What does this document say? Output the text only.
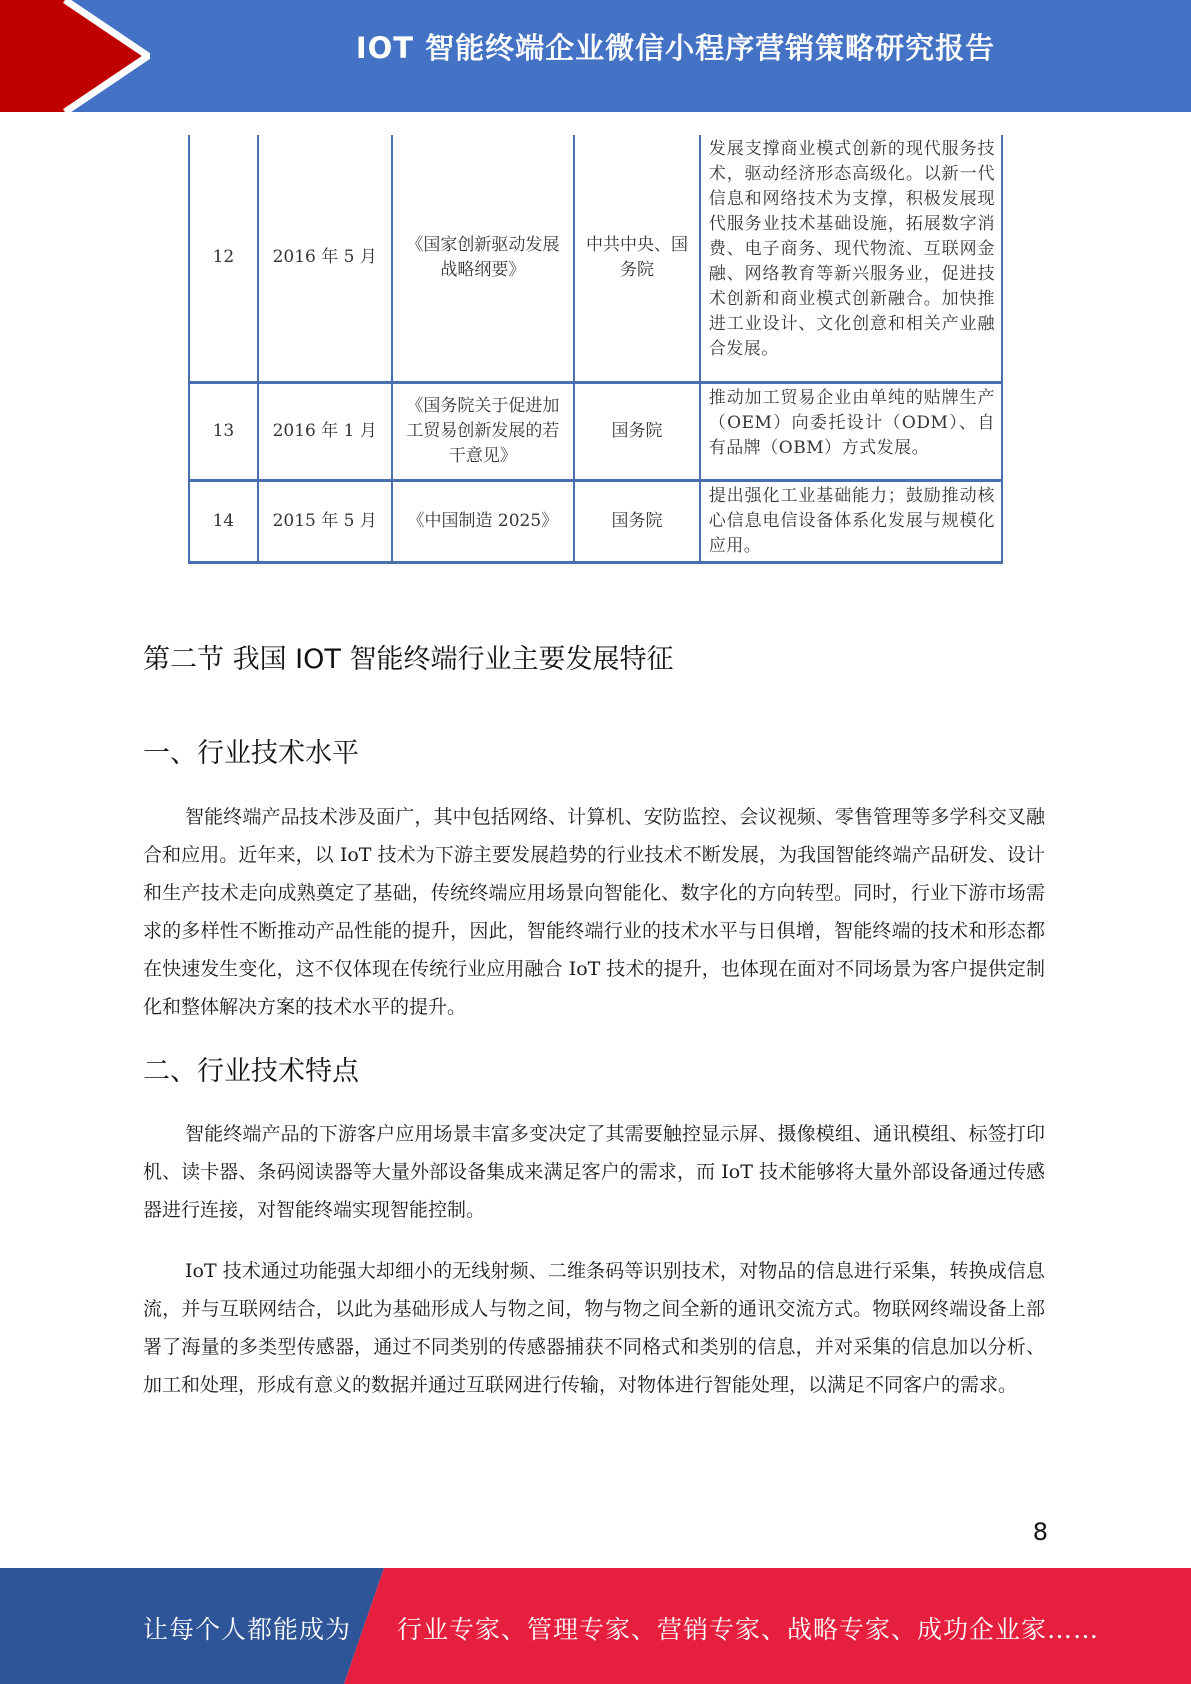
IOT 智能终端企业微信小程序营销策略研究报告
12	2016 年 5 月	《国家创新驱动发展战略纲要》	中共中央、国务院	发展支撑商业模式创新的现代服务技术，驱动经济形态高级化。以新一代信息和网络技术为支撑，积极发展现代服务业技术基础设施，拓展数字消费、电子商务、现代物流、互联网金融、网络教育等新兴服务业，促进技术创新和商业模式创新融合。加快推进工业设计、文化创意和相关产业融合发展。
13	2016 年 1 月	《国务院关于促进加工贸易创新发展的若干意见》	国务院	推动加工贸易企业由单纯的贴牌生产（OEM）向委托设计（ODM）、自有品牌（OBM）方式发展。
14	2015 年 5 月	《中国制造 2025》	国务院	提出强化工业基础能力；鼓励推动核心信息电信设备体系化发展与规模化应用。
第二节 我国 IOT 智能终端行业主要发展特征
一、行业技术水平

智能终端产品技术涉及面广，其中包括网络、计算机、安防监控、会议视频、零售管理等多学科交叉融合和应用。近年来，以 IoT 技术为下游主要发展趋势的行业技术不断发展，为我国智能终端产品研发、设计和生产技术走向成熟奠定了基础，传统终端应用场景向智能化、数字化的方向转型。同时，行业下游市场需求的多样性不断推动产品性能的提升，因此，智能终端行业的技术水平与日俱增，智能终端的技术和形态都在快速发生变化，这不仅体现在传统行业应用融合 IoT 技术的提升，也体现在面对不同场景为客户提供定制化和整体解决方案的技术水平的提升。

二、行业技术特点

智能终端产品的下游客户应用场景丰富多变决定了其需要触控显示屏、摄像模组、通讯模组、标签打印机、读卡器、条码阅读器等大量外部设备集成来满足客户的需求，而 IoT 技术能够将大量外部设备通过传感器进行连接，对智能终端实现智能控制。

IoT 技术通过功能强大却细小的无线射频、二维条码等识别技术，对物品的信息进行采集，转换成信息流，并与互联网结合，以此为基础形成人与物之间，物与物之间全新的通讯交流方式。物联网终端设备上部署了海量的多类型传感器，通过不同类别的传感器捕获不同格式和类别的信息，并对采集的信息加以分析、加工和处理，形成有意义的数据并通过互联网进行传输，对物体进行智能处理，以满足不同客户的需求。

8
让每个人都能成为 行业专家、管理专家、营销专家、战略专家、成功企业家……
